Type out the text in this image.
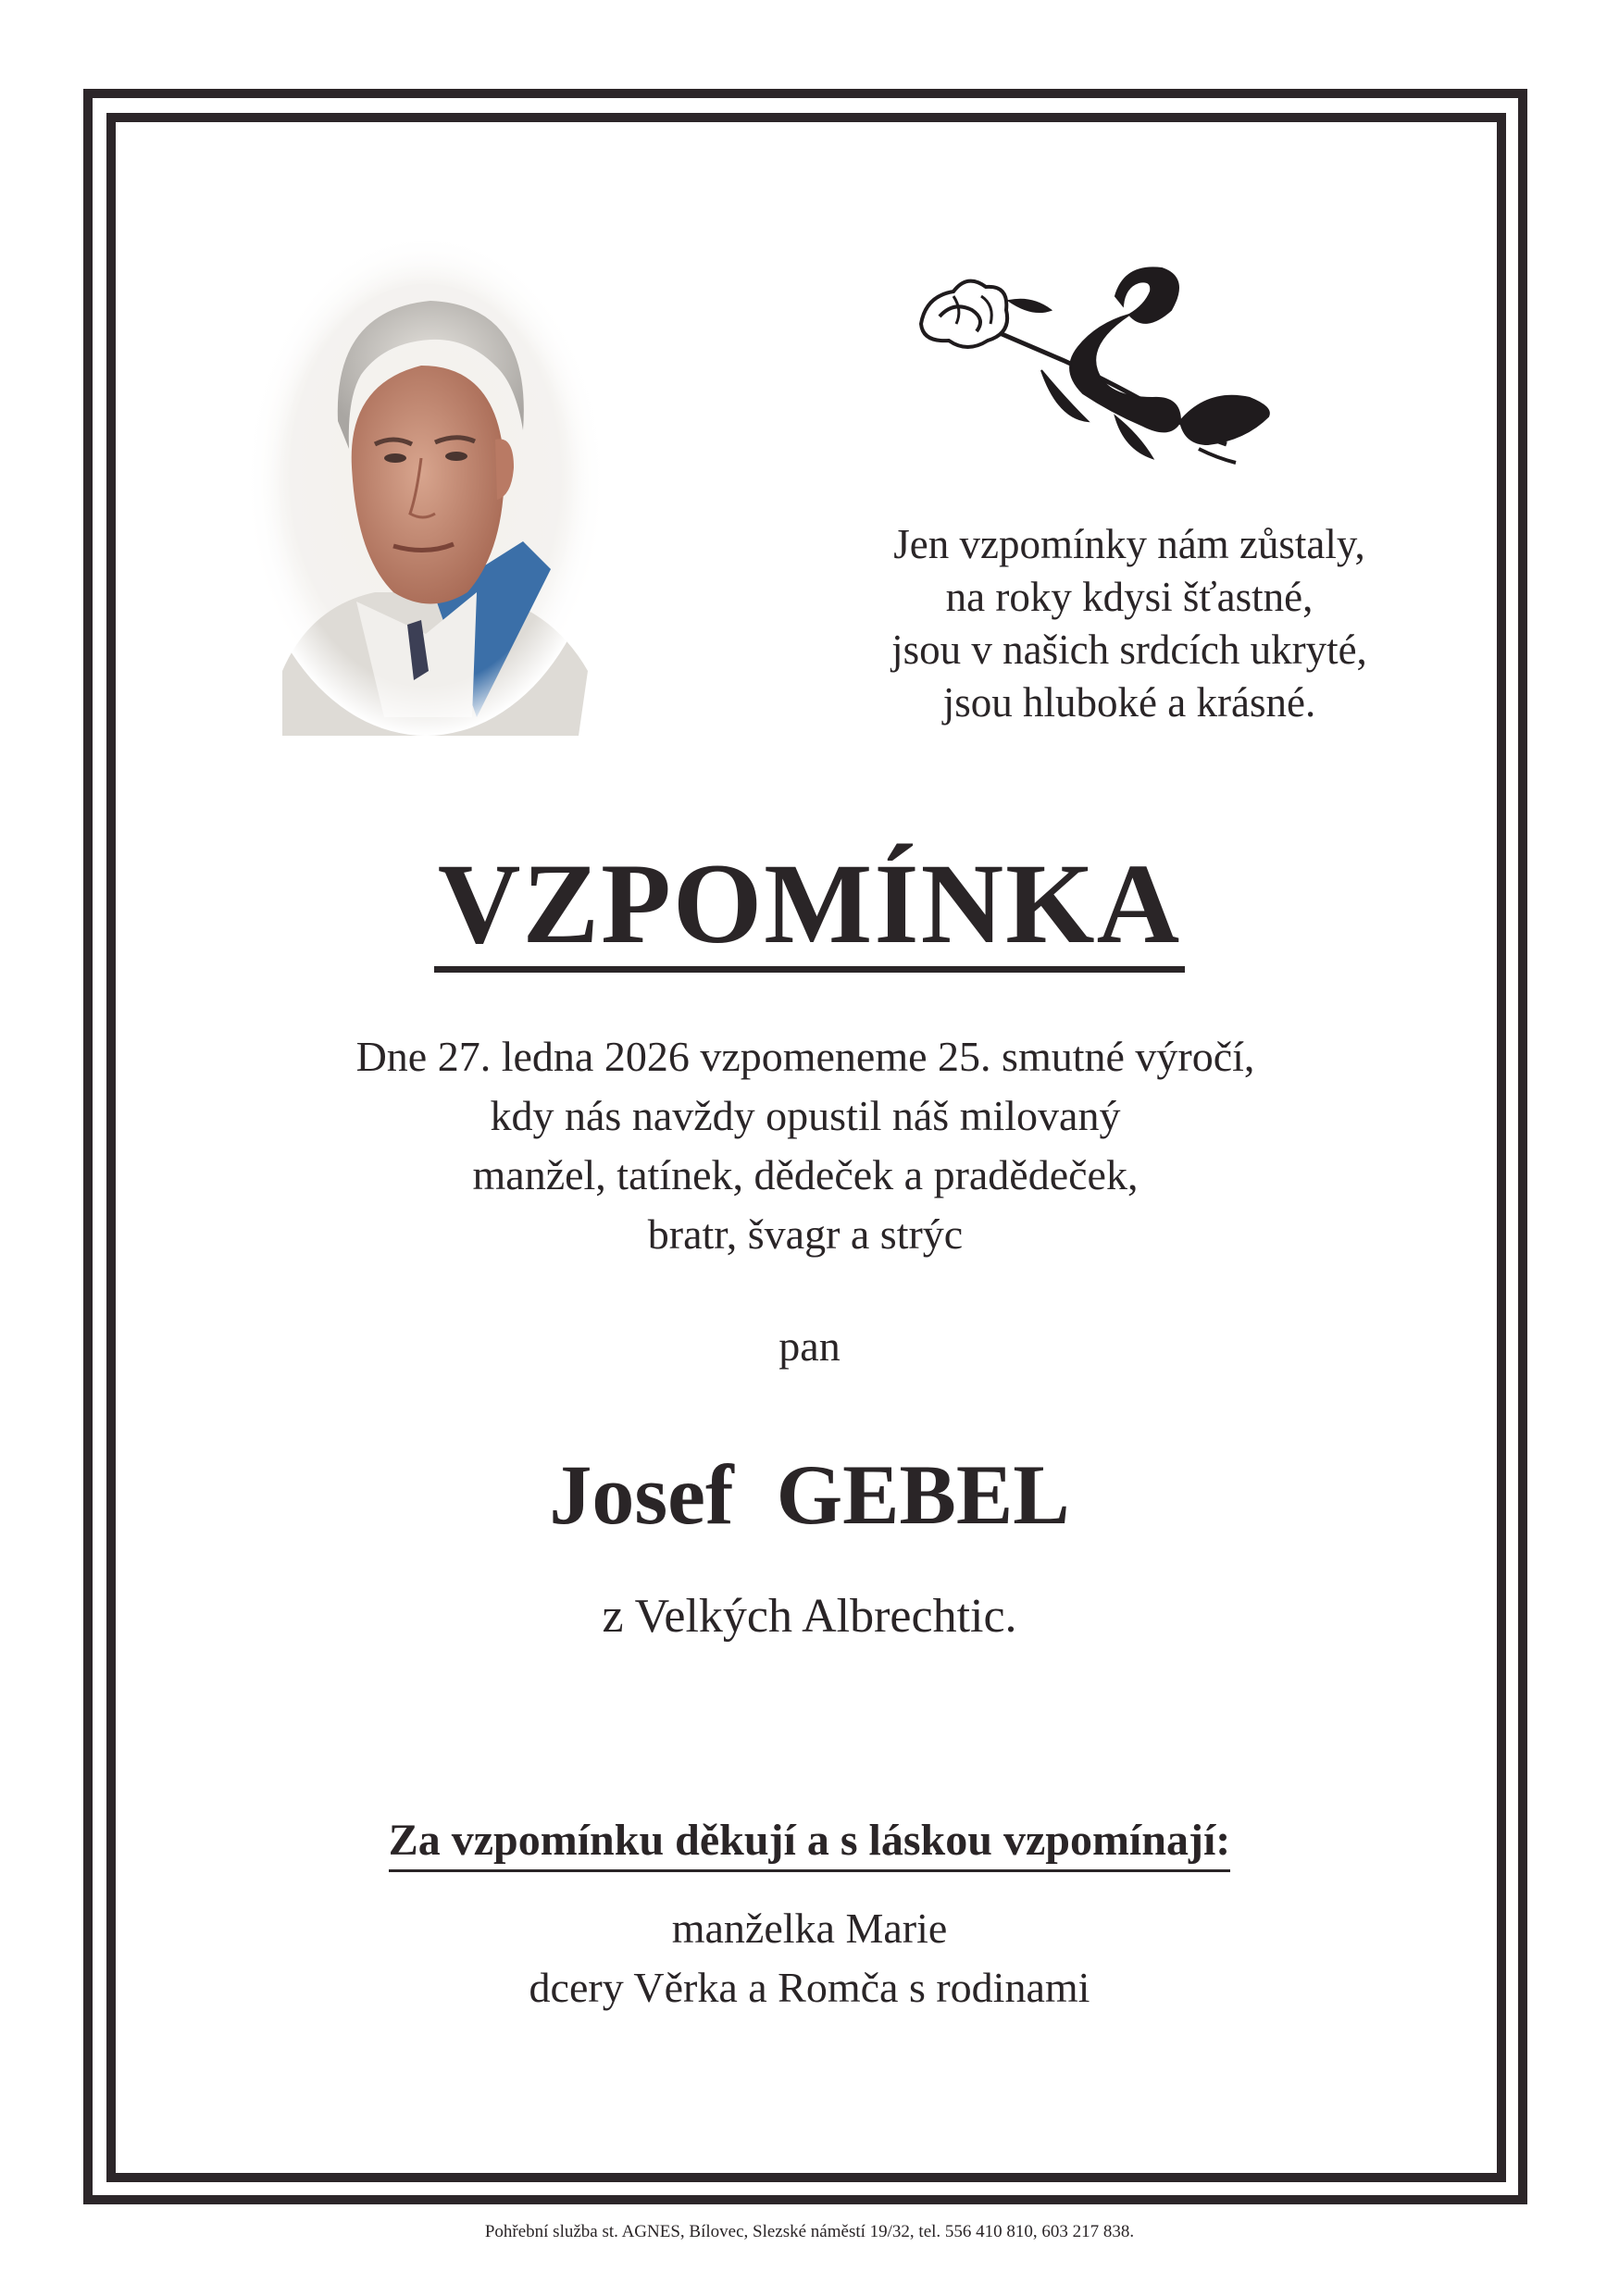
Jen vzpomínky nám zůstaly,
na roky kdysi šťastné,
jsou v našich srdcích ukryté,
jsou hluboké a krásné.
VZPOMÍNKA
Dne 27. ledna 2026 vzpomeneme 25. smutné výročí,
kdy nás navždy opustil náš milovaný
manžel, tatínek, dědeček a pradědeček,
bratr, švagr a strýc
pan
Josef  GEBEL
z Velkých Albrechtic.
Za vzpomínku děkují a s láskou vzpomínají:
manželka Marie
dcery Věrka a Romča s rodinami
Pohřební služba st. AGNES, Bílovec, Slezské náměstí 19/32, tel. 556 410 810, 603 217 838.
